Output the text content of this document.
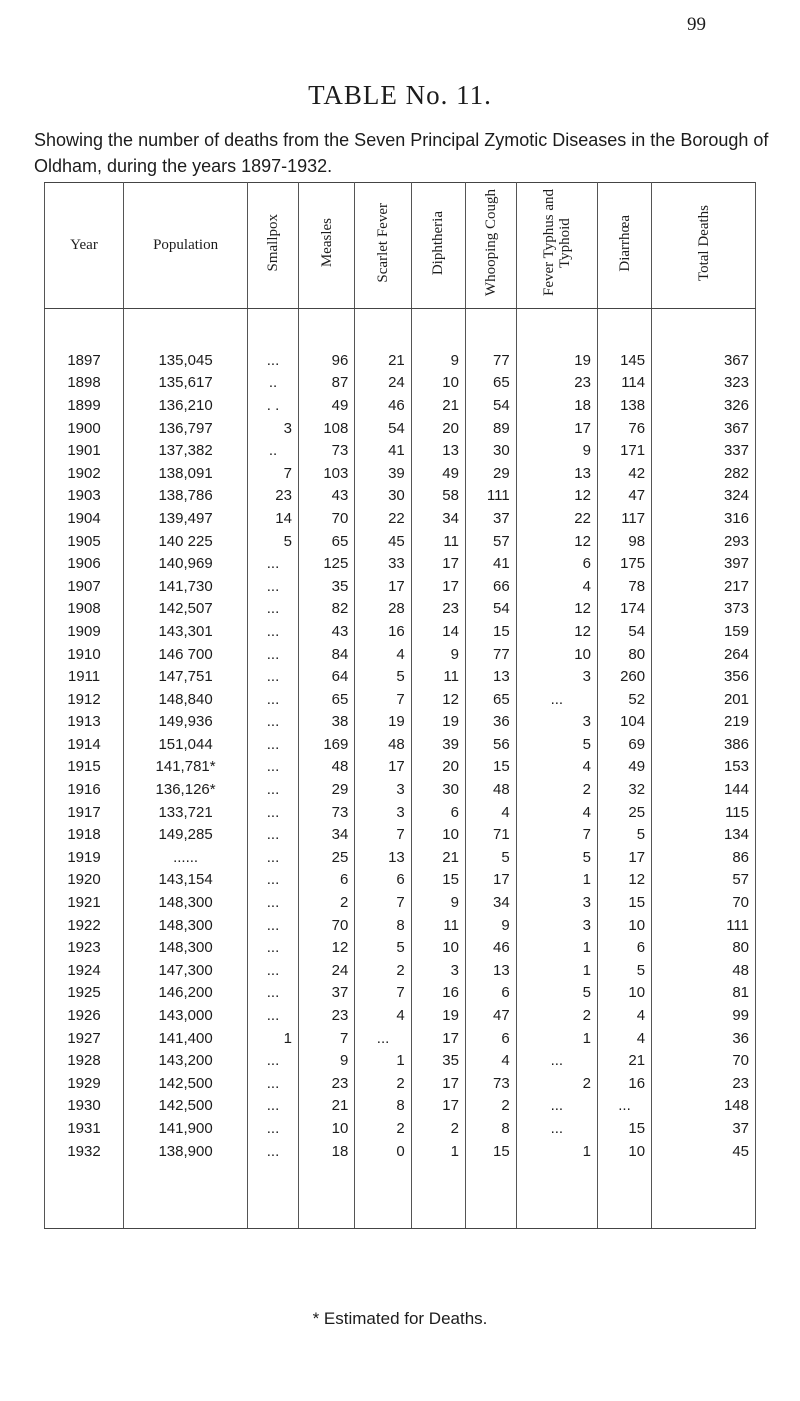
99
TABLE No. 11.
Showing the number of deaths from the Seven Principal Zymotic Diseases in the Borough of Oldham, during the years 1897-1932.
Year	Population	Smallpox	Measles	Scarlet Fever	Diphtheria	Whooping Cough	Fever Typhus and Typhoid	Diarrhœa	Total Deaths

1897	135,045	...	96	21	9	77	19	145	367
1898	135,617	..	87	24	10	65	23	114	323
1899	136,210	. .	49	46	21	54	18	138	326
1900	136,797	3	108	54	20	89	17	76	367
1901	137,382	..	73	41	13	30	9	171	337
1902	138,091	7	103	39	49	29	13	42	282
1903	138,786	23	43	30	58	111	12	47	324
1904	139,497	14	70	22	34	37	22	117	316
1905	140 225	5	65	45	11	57	12	98	293
1906	140,969	...	125	33	17	41	6	175	397
1907	141,730	...	35	17	17	66	4	78	217
1908	142,507	...	82	28	23	54	12	174	373
1909	143,301	...	43	16	14	15	12	54	159
1910	146 700	...	84	4	9	77	10	80	264
1911	147,751	...	64	5	11	13	3	260	356
1912	148,840	...	65	7	12	65	...	52	201
1913	149,936	...	38	19	19	36	3	104	219
1914	151,044	...	169	48	39	56	5	69	386
1915	141,781*	...	48	17	20	15	4	49	153
1916	136,126*	...	29	3	30	48	2	32	144
1917	133,721	...	73	3	6	4	4	25	115
1918	149,285	...	34	7	10	71	7	5	134
1919	......	...	25	13	21	5	5	17	86
1920	143,154	...	6	6	15	17	1	12	57
1921	148,300	...	2	7	9	34	3	15	70
1922	148,300	...	70	8	11	9	3	10	111
1923	148,300	...	12	5	10	46	1	6	80
1924	147,300	...	24	2	3	13	1	5	48
1925	146,200	...	37	7	16	6	5	10	81
1926	143,000	...	23	4	19	47	2	4	99
1927	141,400	1	7	...	17	6	1	4	36
1928	143,200	...	9	1	35	4	...	21	70
1929	142,500	...	23	2	17	73	2	16	23
1930	142,500	...	21	8	17	2	...	...	148
1931	141,900	...	10	2	2	8	...	15	37
1932	138,900	...	18	0	1	15	1	10	45

* Estimated for Deaths.
